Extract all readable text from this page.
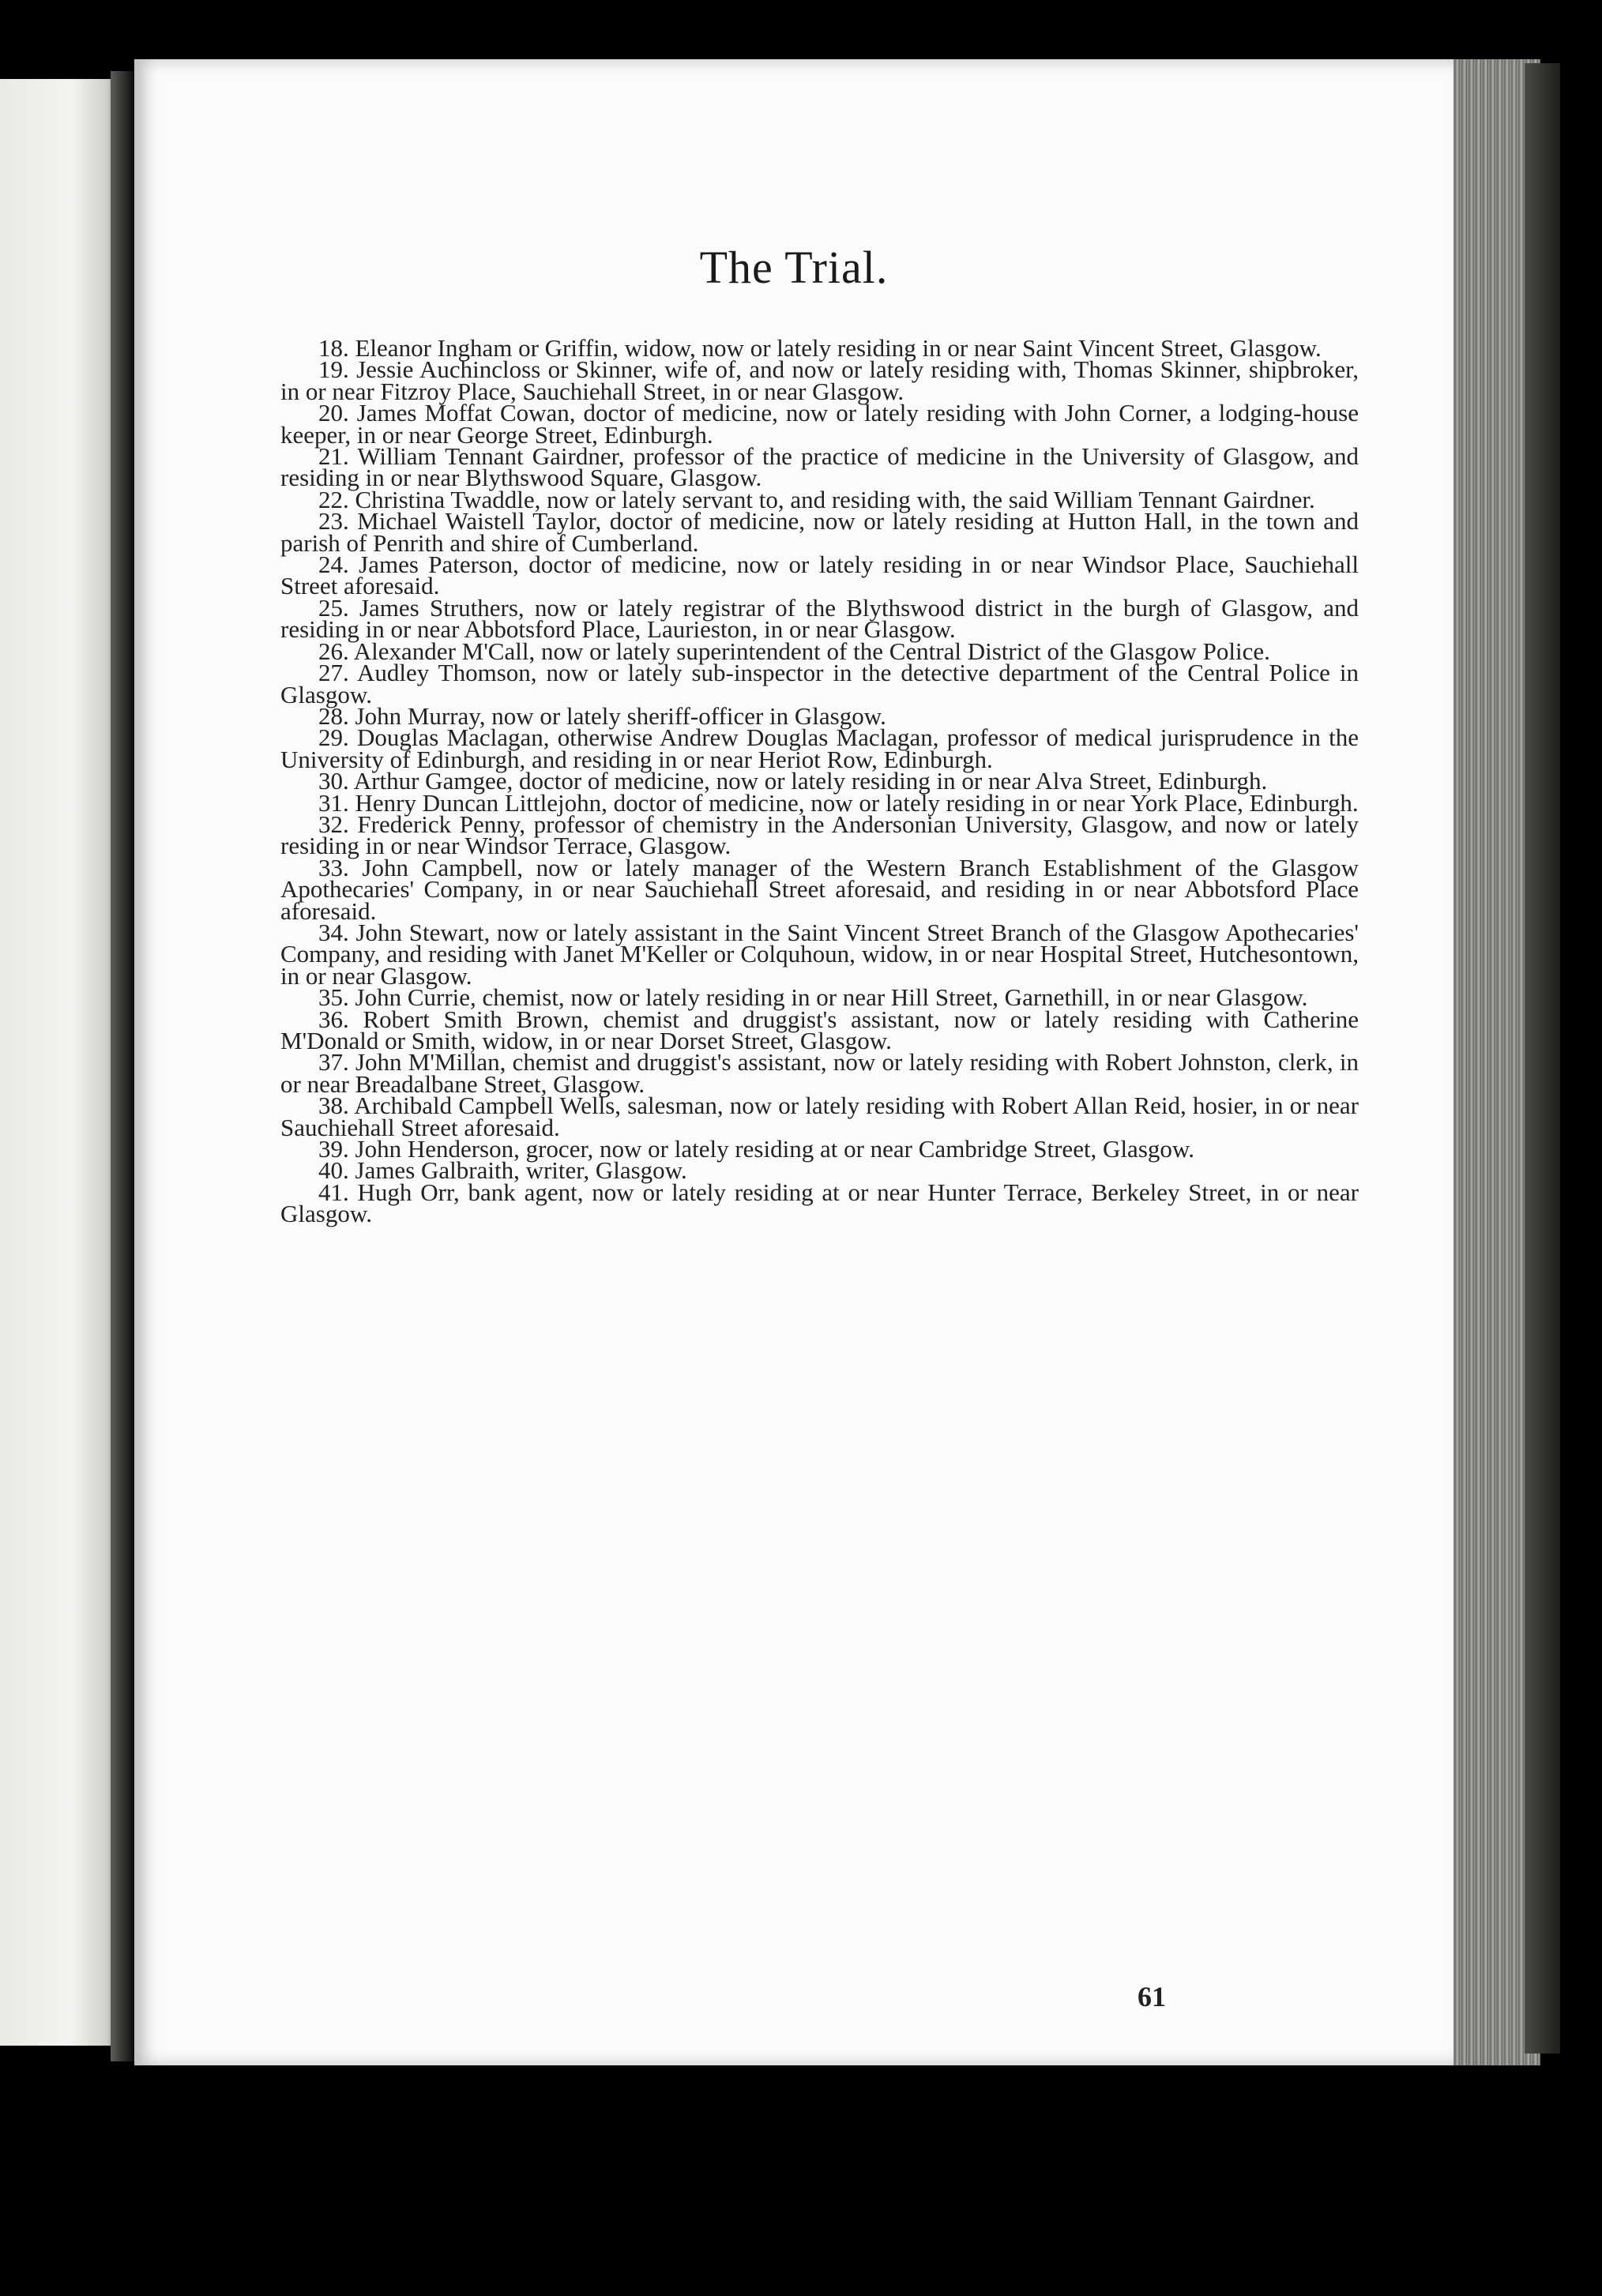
The Trial.

18. Eleanor Ingham or Griffin, widow, now or lately residing in or near Saint Vincent Street, Glasgow.

19. Jessie Auchincloss or Skinner, wife of, and now or lately residing with, Thomas Skinner, shipbroker, in or near Fitzroy Place, Sauchiehall Street, in or near Glasgow.

20. James Moffat Cowan, doctor of medicine, now or lately residing with John Corner, a lodging-house keeper, in or near George Street, Edinburgh.

21. William Tennant Gairdner, professor of the practice of medicine in the University of Glasgow, and residing in or near Blythswood Square, Glasgow.

22. Christina Twaddle, now or lately servant to, and residing with, the said William Tennant Gairdner.

23. Michael Waistell Taylor, doctor of medicine, now or lately residing at Hutton Hall, in the town and parish of Penrith and shire of Cumberland.

24. James Paterson, doctor of medicine, now or lately residing in or near Windsor Place, Sauchiehall Street aforesaid.

25. James Struthers, now or lately registrar of the Blythswood district in the burgh of Glasgow, and residing in or near Abbotsford Place, Laurieston, in or near Glasgow.

26. Alexander M'Call, now or lately superintendent of the Central District of the Glasgow Police.

27. Audley Thomson, now or lately sub-inspector in the detective department of the Central Police in Glasgow.

28. John Murray, now or lately sheriff-officer in Glasgow.

29. Douglas Maclagan, otherwise Andrew Douglas Maclagan, professor of medical jurisprudence in the University of Edinburgh, and residing in or near Heriot Row, Edinburgh.

30. Arthur Gamgee, doctor of medicine, now or lately residing in or near Alva Street, Edinburgh.

31. Henry Duncan Littlejohn, doctor of medicine, now or lately residing in or near York Place, Edinburgh.

32. Frederick Penny, professor of chemistry in the Andersonian University, Glasgow, and now or lately residing in or near Windsor Terrace, Glasgow.

33. John Campbell, now or lately manager of the Western Branch Establishment of the Glasgow Apothecaries' Company, in or near Sauchiehall Street aforesaid, and residing in or near Abbotsford Place aforesaid.

34. John Stewart, now or lately assistant in the Saint Vincent Street Branch of the Glasgow Apothecaries' Company, and residing with Janet M'Keller or Colquhoun, widow, in or near Hospital Street, Hutchesontown, in or near Glasgow.

35. John Currie, chemist, now or lately residing in or near Hill Street, Garnethill, in or near Glasgow.

36. Robert Smith Brown, chemist and druggist's assistant, now or lately residing with Catherine M'Donald or Smith, widow, in or near Dorset Street, Glasgow.

37. John M'Millan, chemist and druggist's assistant, now or lately residing with Robert Johnston, clerk, in or near Breadalbane Street, Glasgow.

38. Archibald Campbell Wells, salesman, now or lately residing with Robert Allan Reid, hosier, in or near Sauchiehall Street aforesaid.

39. John Henderson, grocer, now or lately residing at or near Cambridge Street, Glasgow.

40. James Galbraith, writer, Glasgow.

41. Hugh Orr, bank agent, now or lately residing at or near Hunter Terrace, Berkeley Street, in or near Glasgow.

61
